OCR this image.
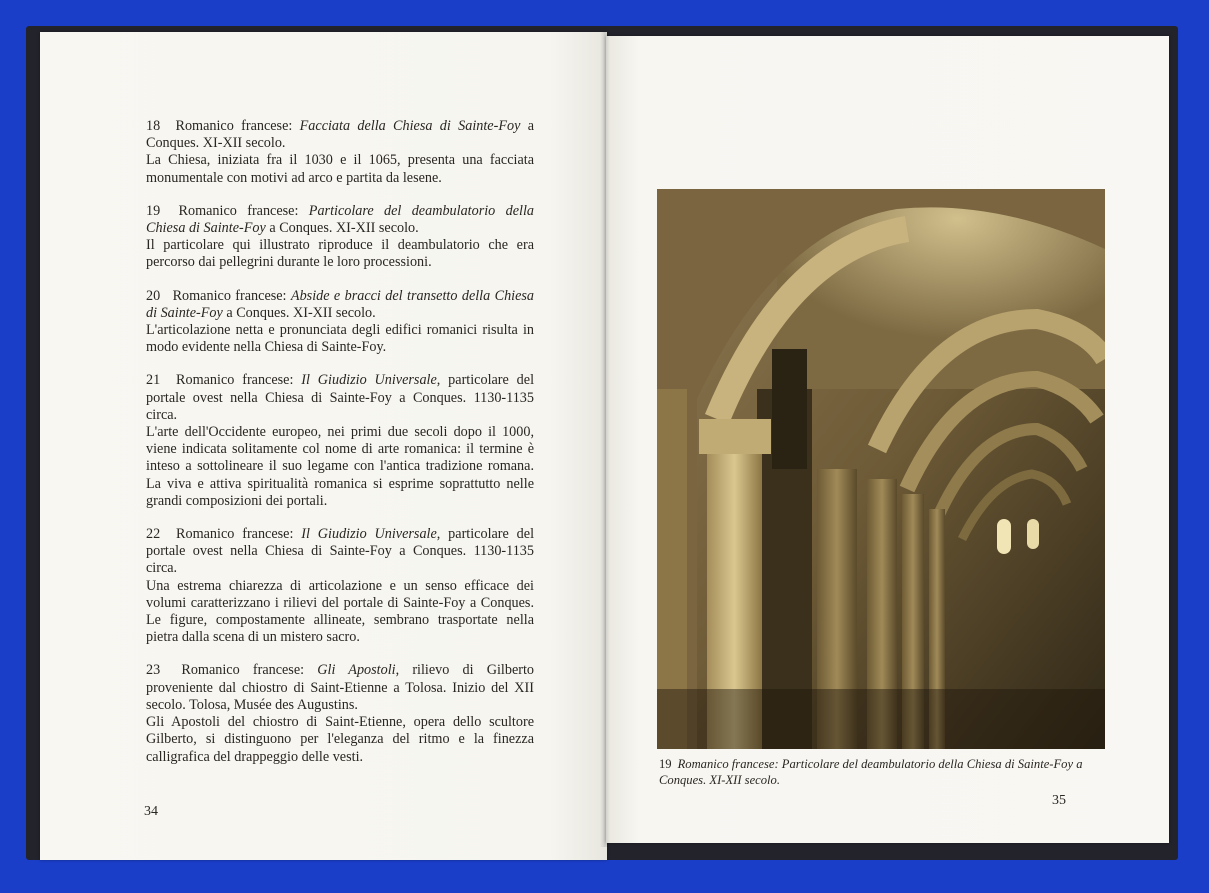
34
35

18 Romanico francese: Facciata della Chiesa di Sainte-Foy a Conques. XI-XII secolo.

La Chiesa, iniziata fra il 1030 e il 1065, presenta una facciata monumentale con motivi ad arco e partita da lesene.

19 Romanico francese: Particolare del deambulatorio della Chiesa di Sainte-Foy a Conques. XI-XII secolo.

Il particolare qui illustrato riproduce il deambulatorio che era percorso dai pellegrini durante le loro processioni.

20 Romanico francese: Abside e bracci del transetto della Chiesa di Sainte-Foy a Conques. XI-XII secolo.

L'articolazione netta e pronunciata degli edifici romanici risulta in modo evidente nella Chiesa di Sainte-Foy.

21 Romanico francese: Il Giudizio Universale, particolare del portale ovest nella Chiesa di Sainte-Foy a Conques. 1130-1135 circa.

L'arte dell'Occidente europeo, nei primi due secoli dopo il 1000, viene indicata solitamente col nome di arte romanica: il termine è inteso a sottolineare il suo legame con l'antica tradizione romana. La viva e attiva spiritualità romanica si esprime soprattutto nelle grandi composizioni dei portali.

22 Romanico francese: Il Giudizio Universale, particolare del portale ovest nella Chiesa di Sainte-Foy a Conques. 1130-1135 circa.

Una estrema chiarezza di articolazione e un senso efficace dei volumi caratterizzano i rilievi del portale di Sainte-Foy a Conques. Le figure, compostamente allineate, sembrano trasportate nella pietra dalla scena di un mistero sacro.

23 Romanico francese: Gli Apostoli, rilievo di Gilberto proveniente dal chiostro di Saint-Etienne a Tolosa. Inizio del XII secolo. Tolosa, Musée des Augustins.

Gli Apostoli del chiostro di Saint-Etienne, opera dello scultore Gilberto, si distinguono per l'eleganza del ritmo e la finezza calligrafica del drappeggio delle vesti.	19 Romanico francese: Particolare del deambulatorio della Chiesa di Sainte-Foy a Conques. XI-XII secolo.
